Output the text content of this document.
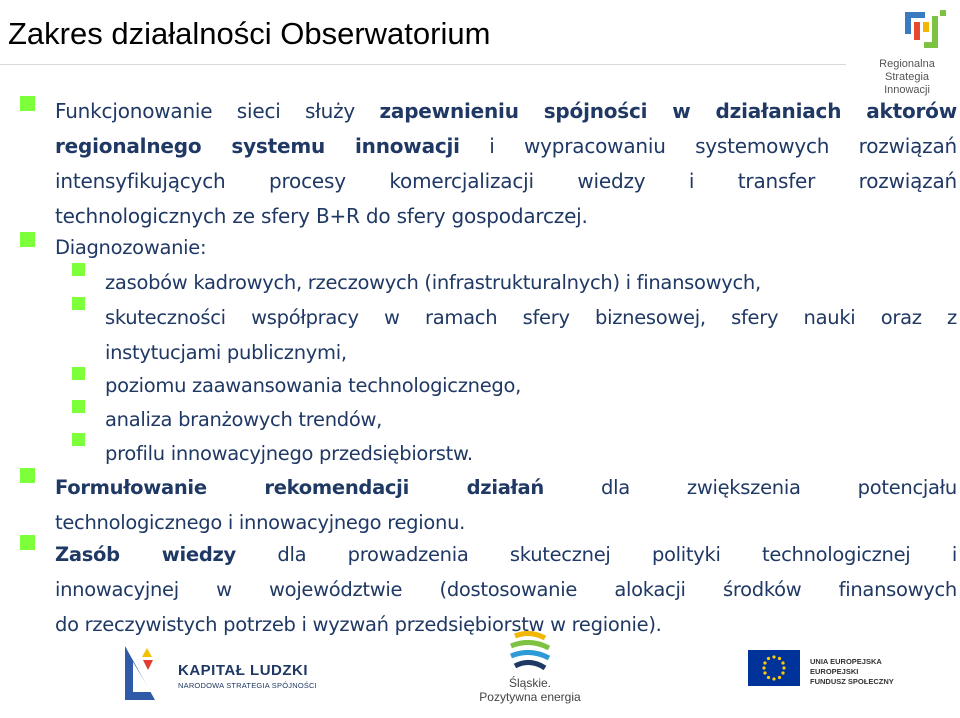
Zakres działalności Obserwatorium
Regionalna
Strategia
Innowacji
Funkcjonowanie sieci służy zapewnieniu spójności w działaniach aktorów
regionalnego systemu innowacji i wypracowaniu systemowych rozwiązań
intensyfikujących procesy komercjalizacji wiedzy i transfer rozwiązań
technologicznych ze sfery B+R do sfery gospodarczej.
Diagnozowanie:
zasobów kadrowych, rzeczowych (infrastrukturalnych) i finansowych,
skuteczności współpracy w ramach sfery biznesowej, sfery nauki oraz z
instytucjami publicznymi,
poziomu zaawansowania technologicznego,
analiza branżowych trendów,
profilu innowacyjnego przedsiębiorstw.
Formułowanie rekomendacji działań dla zwiększenia potencjału
technologicznego i innowacyjnego regionu.
Zasób wiedzy dla prowadzenia skutecznej polityki technologicznej i
innowacyjnej w województwie (dostosowanie alokacji środków finansowych
do rzeczywistych potrzeb i wyzwań przedsiębiorstw w regionie).
KAPITAŁ LUDZKI
NARODOWA STRATEGIA SPÓJNOŚCI	Śląskie.
Pozytywna energia
UNIA EUROPEJSKA
EUROPEJSKI
FUNDUSZ SPOŁECZNY
